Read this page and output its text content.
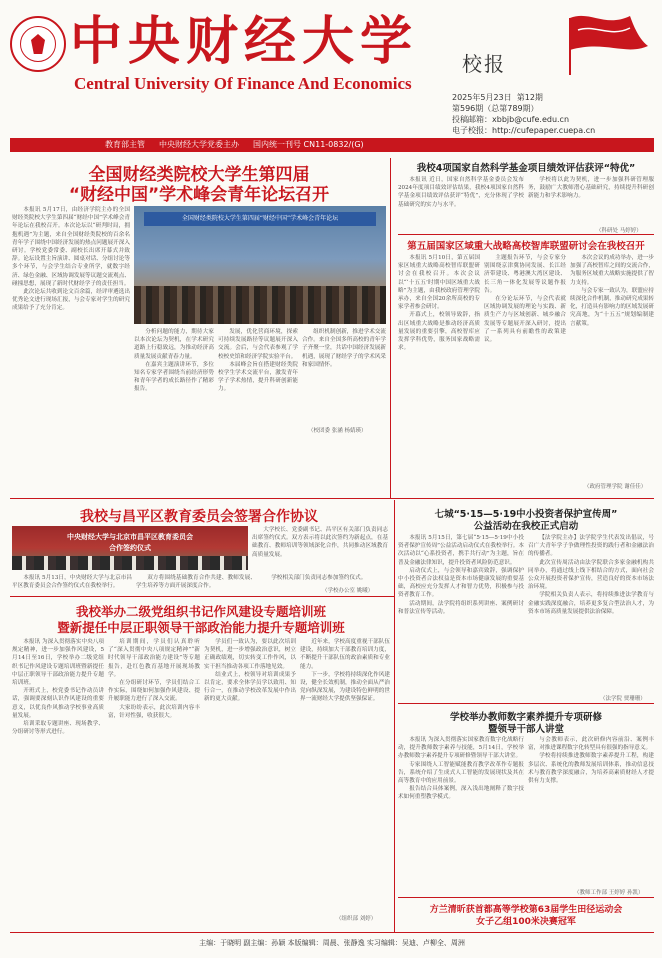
中央财经大学
Central University Of Finance And Economics
校报
2025年5月23日 第12期
第596期（总第789期）
投稿邮箱：xbbjb@cufe.edu.cn
电子校报：http://cufepaper.cuepa.cn
教育部主管 中央财经大学党委主办 国内统一刊号 CN11-0832/(G)
全国财经类院校大学生第四届
“财经中国”学术峰会青年论坛召开

本报讯 5月17日，由经济学院主办的全国财经类院校大学生第四届“财经中国”学术峰会青年论坛在我校召开。本次论坛以“研判时局，拥抱机遇”为主题，来自全国财经类院校的百余名青年学子围绕中国经济发展的热点问题展开深入研讨。学校党委常委、副校长出席开幕式并致辞。论坛设置主旨演讲、圆桌对话、分组讨论等多个环节，与会学生结合专业所学，就数字经济、绿色金融、区域协调发展等议题交流观点、碰撞思想，展现了新时代财经学子的责任担当。

此次论坛共收到论文百余篇，经评审遴选出优秀论文进行现场汇报，与会专家对学生的研究成果给予了充分肯定。

全国财经类院校大学生第四届“财经中国”学术峰会青年论坛

分析问题的能力，期待大家以本次论坛为契机，在学术研究道路上行稳致远，为推动经济高质量发展贡献青春力量。

在嘉宾主题演讲环节，多位知名专家学者围绕当前经济形势和青年学者的成长路径作了精彩报告。

发展，优化营商环境，探索可持续发展路径等议题展开深入交流。会后，与会代表参观了学校校史馆和经济学院实验平台。

本届峰会旨在搭建财经类院校学生学术交流平台，激发青年学子学术热情，提升科研创新能力。

组织机制创新，推进学术交流合作。来自全国多所高校的青年学子齐聚一堂，共话中国经济发展新机遇，展现了财经学子的学术风采和家国情怀。

（校团委 张涵 杨婧瑛）
我校4项国家自然科学基金项目绩效评估获评“特优”

本报讯 近日，国家自然科学基金委员会发布2024年度项目绩效评估结果，我校4项国家自然科学基金项目绩效评估获评“特优”，充分体现了学校基础研究的实力与水平。

学校将以此为契机，进一步加强科研管理服务，鼓励广大教师潜心基础研究，持续提升科研创新能力和学术影响力。

（科研处 马婷婷）
第五届国家区域重大战略高校智库联盟研讨会在我校召开

本报讯 5月10日，第五届国家区域重大战略高校智库联盟研讨会在我校召开。本次会议以“‘十五五’时期中国区域重大战略”为主题，由我校政府管理学院承办，来自全国20余所高校的专家学者参会研讨。

开幕式上，校领导致辞，指出区域重大战略是推动经济高质量发展的重要引擎，高校智库应发挥学科优势，服务国家战略需求。

主题报告环节，与会专家分别围绕京津冀协同发展、长江经济带建设、粤港澳大湾区建设、长三角一体化发展等议题作报告。

在分论坛环节，与会代表就区域协调发展的理论与实践、新质生产力与区域创新、城乡融合发展等专题展开深入研讨，提出了一系列具有前瞻性的政策建议。

本次会议的成功举办，进一步加强了高校智库之间的交流合作，为服务区域重大战略实施提供了智力支持。

与会专家一致认为，联盟应持续深化合作机制，推动研究成果转化，打造具有影响力的区域发展研究高地，为“十五五”规划编制建言献策。

（政府管理学院 谢佳佳）
我校与昌平区教育委员会签署合作协议
中央财经大学与北京市昌平区教育委员会
合作签约仪式

大学校长、党委副书记、昌平区有关部门负责同志出席签约仪式。双方表示将以此次签约为新起点，在基础教育、教师培训等领域深化合作，共同推动区域教育高质量发展。

本报讯 5月13日，中央财经大学与北京市昌平区教育委员会合作签约仪式在我校举行。

双方将围绕基础教育合作共建、教师发展、学生培养等方面开展深度合作。

学校相关部门负责同志参加签约仪式。

（学校办公室 姚曦）
七城“5·15—5·19中小投资者保护宣传周”
公益活动在我校正式启动

本报讯 5月15日，第七届“5·15—5·19中小投资者保护宣传周”公益活动启动仪式在我校举行。本次活动以“心系投资者，携手共行动”为主题，旨在普及金融法律知识，提升投资者风险防范意识。

启动仪式上，与会领导和嘉宾致辞，强调保护中小投资者合法权益是资本市场健康发展的重要基础，高校应充分发挥人才和智力优势，积极参与投资者教育工作。

活动期间，法学院将组织系列讲座、案例研讨和普法宣传等活动。

【法学院主办】法学院学生代表发出倡议，号召广大青年学子争做理性投资的践行者和金融法治的传播者。

此次宣传周活动由法学院联合多家金融机构共同举办，将通过线上线下相结合的方式，面向社会公众开展投资者保护宣传，营造良好的资本市场法治环境。

学院相关负责人表示，将持续推进法学教育与金融实践深度融合，培养更多复合型法治人才，为资本市场高质量发展提供法治保障。

（法学院 贾珊珊）
我校举办二级党组织书记作风建设专题培训班
暨新提任中层正职领导干部政治能力提升专题培训班

本报讯 为深入贯彻落实中央八项规定精神，进一步加强作风建设，5月14日至16日，学校举办二级党组织书记作风建设专题培训班暨新提任中层正职领导干部政治能力提升专题培训班。

开班式上，校党委书记作动员讲话，强调要深刻认识作风建设的重要意义，以优良作风推动学校事业高质量发展。

培训采取专题讲座、现场教学、分组研讨等形式进行。

培训期间，学员们认真聆听了“深入贯彻中央八项规定精神”“新时代领导干部政治能力建设”等专题报告，赴红色教育基地开展现场教学。

在分组研讨环节，学员们结合工作实际，围绕如何加强作风建设、提升履职能力进行了深入交流。

大家纷纷表示，此次培训内容丰富，针对性强，收获很大。

学员们一致认为，要以此次培训为契机，进一步增强政治意识，树立正确政绩观，切实转变工作作风，以实干担当推动各项工作落地见效。

结业式上，校领导对培训成果予以肯定，要求全体学员学以致用、知行合一，在推动学校改革发展中作出新的更大贡献。

近年来，学校高度重视干部队伍建设，持续加大干部教育培训力度，不断提升干部队伍的政治素质和专业能力。

下一步，学校将持续深化作风建设，健全长效机制，推动全面从严治党向纵深发展，为建设特色鲜明的世界一流财经大学提供坚强保证。

（组织部 刘婷）
学校举办教师数字素养提升专项研修
暨领导干部人讲堂

本报讯 为深入贯彻落实国家教育数字化战略行动，提升教师数字素养与技能，5月14日，学校举办教师数字素养提升专项研修暨领导干部大讲堂。

专家围绕人工智能赋能教育教学改革作专题报告，系统介绍了生成式人工智能的发展现状及其在高等教育中的应用前景。

报告结合具体案例，深入浅出地阐释了数字技术如何重塑教学模式。

与会教师表示，此次研修内容前沿、案例丰富，对推进课程数字化转型具有很强的指导意义。

学校将持续推进教师数字素养提升工程，构建多层次、系统化的教师发展培训体系，推动信息技术与教育教学深度融合，为培养高素质财经人才提供有力支撑。

（教师工作部 王婷婷 孙凯）
方兰清昕获首都高等学校第63届学生田径运动会
女子乙组100米决赛冠军
主编：于晓明 副主编：孙颖 本版编辑：周晨、张静逸 实习编辑：吴迪、卢柳全、周洲
